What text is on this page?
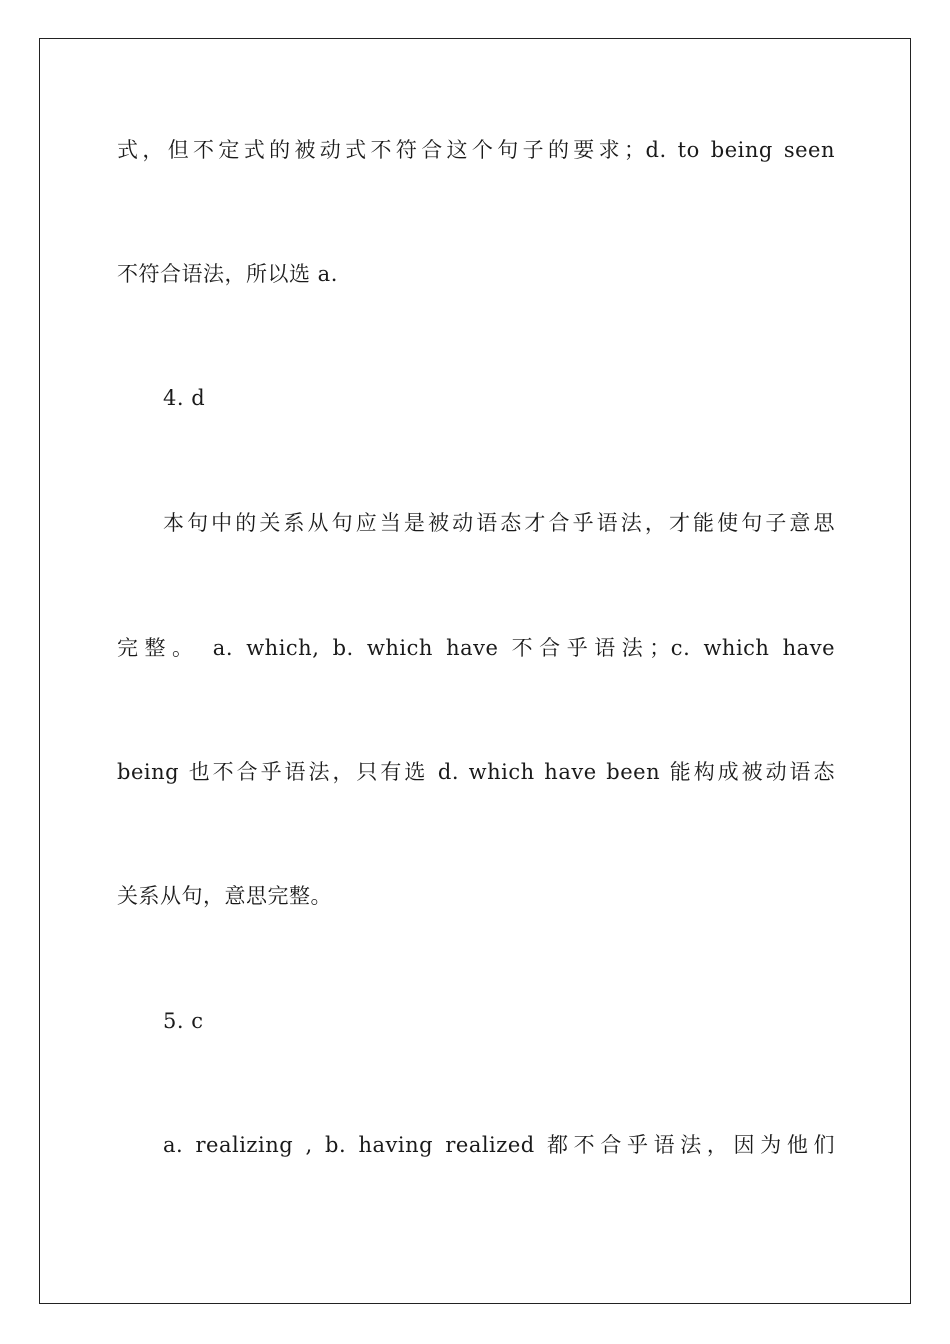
式，但不定式的被动式不符合这个句子的要求；d. to being seen
不符合语法，所以选 a.
4. d
本句中的关系从句应当是被动语态才合乎语法，才能使句子意思
完整。 a. which, b. which have 不合乎语法；c. which have
being 也不合乎语法，只有选 d. which have been 能构成被动语态
关系从句，意思完整。
5. c
a. realizing , b. having realized 都不合乎语法，因为他们
